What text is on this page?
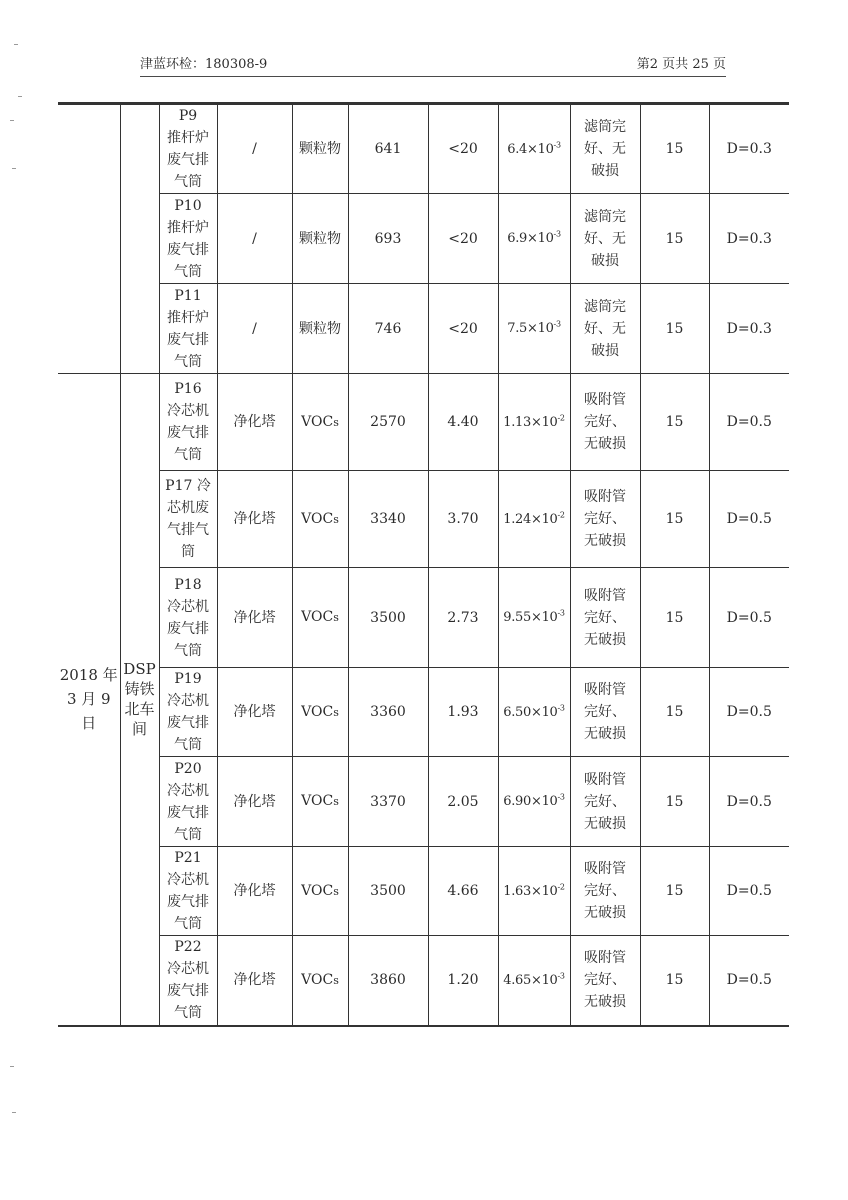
津蓝环检：180308-9	第2 页共 25 页
		P9
推杆炉
废气排
气筒	/	颗粒物	641	<20	$6.4\times 10^{-3}$	滤筒完
好、无
破损	15	D=0.3
		P10
推杆炉
废气排
气筒	/	颗粒物	693	<20	$6.9\times 10^{-3}$	滤筒完
好、无
破损	15	D=0.3
		P11
推杆炉
废气排
气筒	/	颗粒物	746	<20	$7.5\times 10^{-3}$	滤筒完
好、无
破损	15	D=0.3
2018 年
3 月 9 日	DSP
铸铁
北车
间	P16
冷芯机
废气排
气筒	净化塔	VOCs	2570	4.40	$1.13\times 10^{-2}$	吸附管
完好、
无破损	15	D=0.5
		P17 冷
芯机废
气排气
筒	净化塔	VOCs	3340	3.70	$1.24\times 10^{-2}$	吸附管
完好、
无破损	15	D=0.5
		P18
冷芯机
废气排
气筒	净化塔	VOCs	3500	2.73	$9.55\times 10^{-3}$	吸附管
完好、
无破损	15	D=0.5
		P19
冷芯机
废气排
气筒	净化塔	VOCs	3360	1.93	$6.50\times 10^{-3}$	吸附管
完好、
无破损	15	D=0.5
		P20
冷芯机
废气排
气筒	净化塔	VOCs	3370	2.05	$6.90\times 10^{-3}$	吸附管
完好、
无破损	15	D=0.5
		P21
冷芯机
废气排
气筒	净化塔	VOCs	3500	4.66	$1.63\times 10^{-2}$	吸附管
完好、
无破损	15	D=0.5
		P22
冷芯机
废气排
气筒	净化塔	VOCs	3860	1.20	$4.65\times 10^{-3}$	吸附管
完好、
无破损	15	D=0.5
